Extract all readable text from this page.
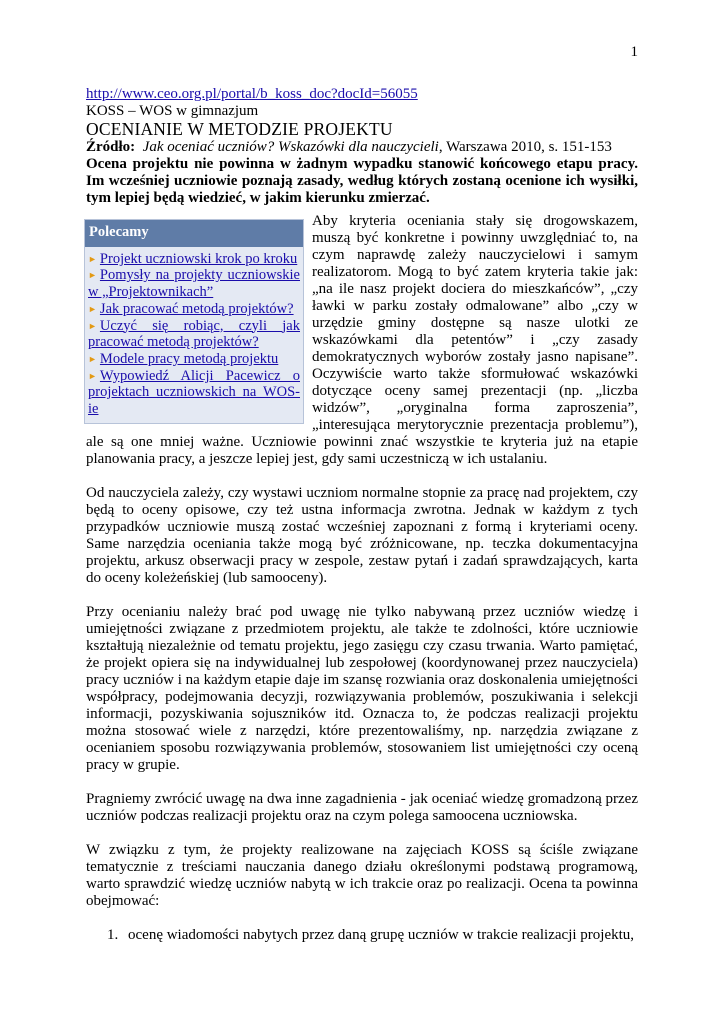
1

http://www.ceo.org.pl/portal/b_koss_doc?docId=56055

KOSS – WOS w gimnazjum

OCENIANIE W METODZIE PROJEKTU

Źródło: Jak oceniać uczniów? Wskazówki dla nauczycieli, Warszawa 2010, s. 151-153

Ocena projektu nie powinna w żadnym wypadku stanowić końcowego etapu pracy. Im wcześniej uczniowie poznają zasady, według których zostaną ocenione ich wysiłki, tym lepiej będą wiedzieć, w jakim kierunku zmierzać.

Polecamy
► Projekt uczniowski krok po kroku
► Pomysły na projekty uczniowskie w „Projektownikach”
► Jak pracować metodą projektów?
► Uczyć się robiąc, czyli jak pracować metodą projektów?
► Modele pracy metodą projektu
► Wypowiedź Alicji Pacewicz o projektach uczniowskich na WOS-ie

Aby kryteria oceniania stały się drogowskazem, muszą być konkretne i powinny uwzględniać to, na czym naprawdę zależy nauczycielowi i samym realizatorom. Mogą to być zatem kryteria takie jak: „na ile nasz projekt dociera do mieszkańców”, „czy ławki w parku zostały odmalowane” albo „czy w urzędzie gminy dostępne są nasze ulotki ze wskazówkami dla petentów” i „czy zasady demokratycznych wyborów zostały jasno napisane”. Oczywiście warto także sformułować wskazówki dotyczące oceny samej prezentacji (np. „liczba widzów”, „oryginalna forma zaproszenia”, „interesująca merytorycznie prezentacja problemu”), ale są one mniej ważne. Uczniowie powinni znać wszystkie te kryteria już na etapie planowania pracy, a jeszcze lepiej jest, gdy sami uczestniczą w ich ustalaniu.

Od nauczyciela zależy, czy wystawi uczniom normalne stopnie za pracę nad projektem, czy będą to oceny opisowe, czy też ustna informacja zwrotna. Jednak w każdym z tych przypadków uczniowie muszą zostać wcześniej zapoznani z formą i kryteriami oceny. Same narzędzia oceniania także mogą być zróżnicowane, np. teczka dokumentacyjna projektu, arkusz obserwacji pracy w zespole, zestaw pytań i zadań sprawdzających, karta do oceny koleżeńskiej (lub samooceny).

Przy ocenianiu należy brać pod uwagę nie tylko nabywaną przez uczniów wiedzę i umiejętności związane z przedmiotem projektu, ale także te zdolności, które uczniowie kształtują niezależnie od tematu projektu, jego zasięgu czy czasu trwania. Warto pamiętać, że projekt opiera się na indywidualnej lub zespołowej (koordynowanej przez nauczyciela) pracy uczniów i na każdym etapie daje im szansę rozwiania oraz doskonalenia umiejętności współpracy, podejmowania decyzji, rozwiązywania problemów, poszukiwania i selekcji informacji, pozyskiwania sojuszników itd. Oznacza to, że podczas realizacji projektu można stosować wiele z narzędzi, które prezentowaliśmy, np. narzędzia związane z ocenianiem sposobu rozwiązywania problemów, stosowaniem list umiejętności czy oceną pracy w grupie.

Pragniemy zwrócić uwagę na dwa inne zagadnienia - jak oceniać wiedzę gromadzoną przez uczniów podczas realizacji projektu oraz na czym polega samoocena uczniowska.

W związku z tym, że projekty realizowane na zajęciach KOSS są ściśle związane tematycznie z treściami nauczania danego działu określonymi podstawą programową, warto sprawdzić wiedzę uczniów nabytą w ich trakcie oraz po realizacji. Ocena ta powinna obejmować:

1. ocenę wiadomości nabytych przez daną grupę uczniów w trakcie realizacji projektu,
